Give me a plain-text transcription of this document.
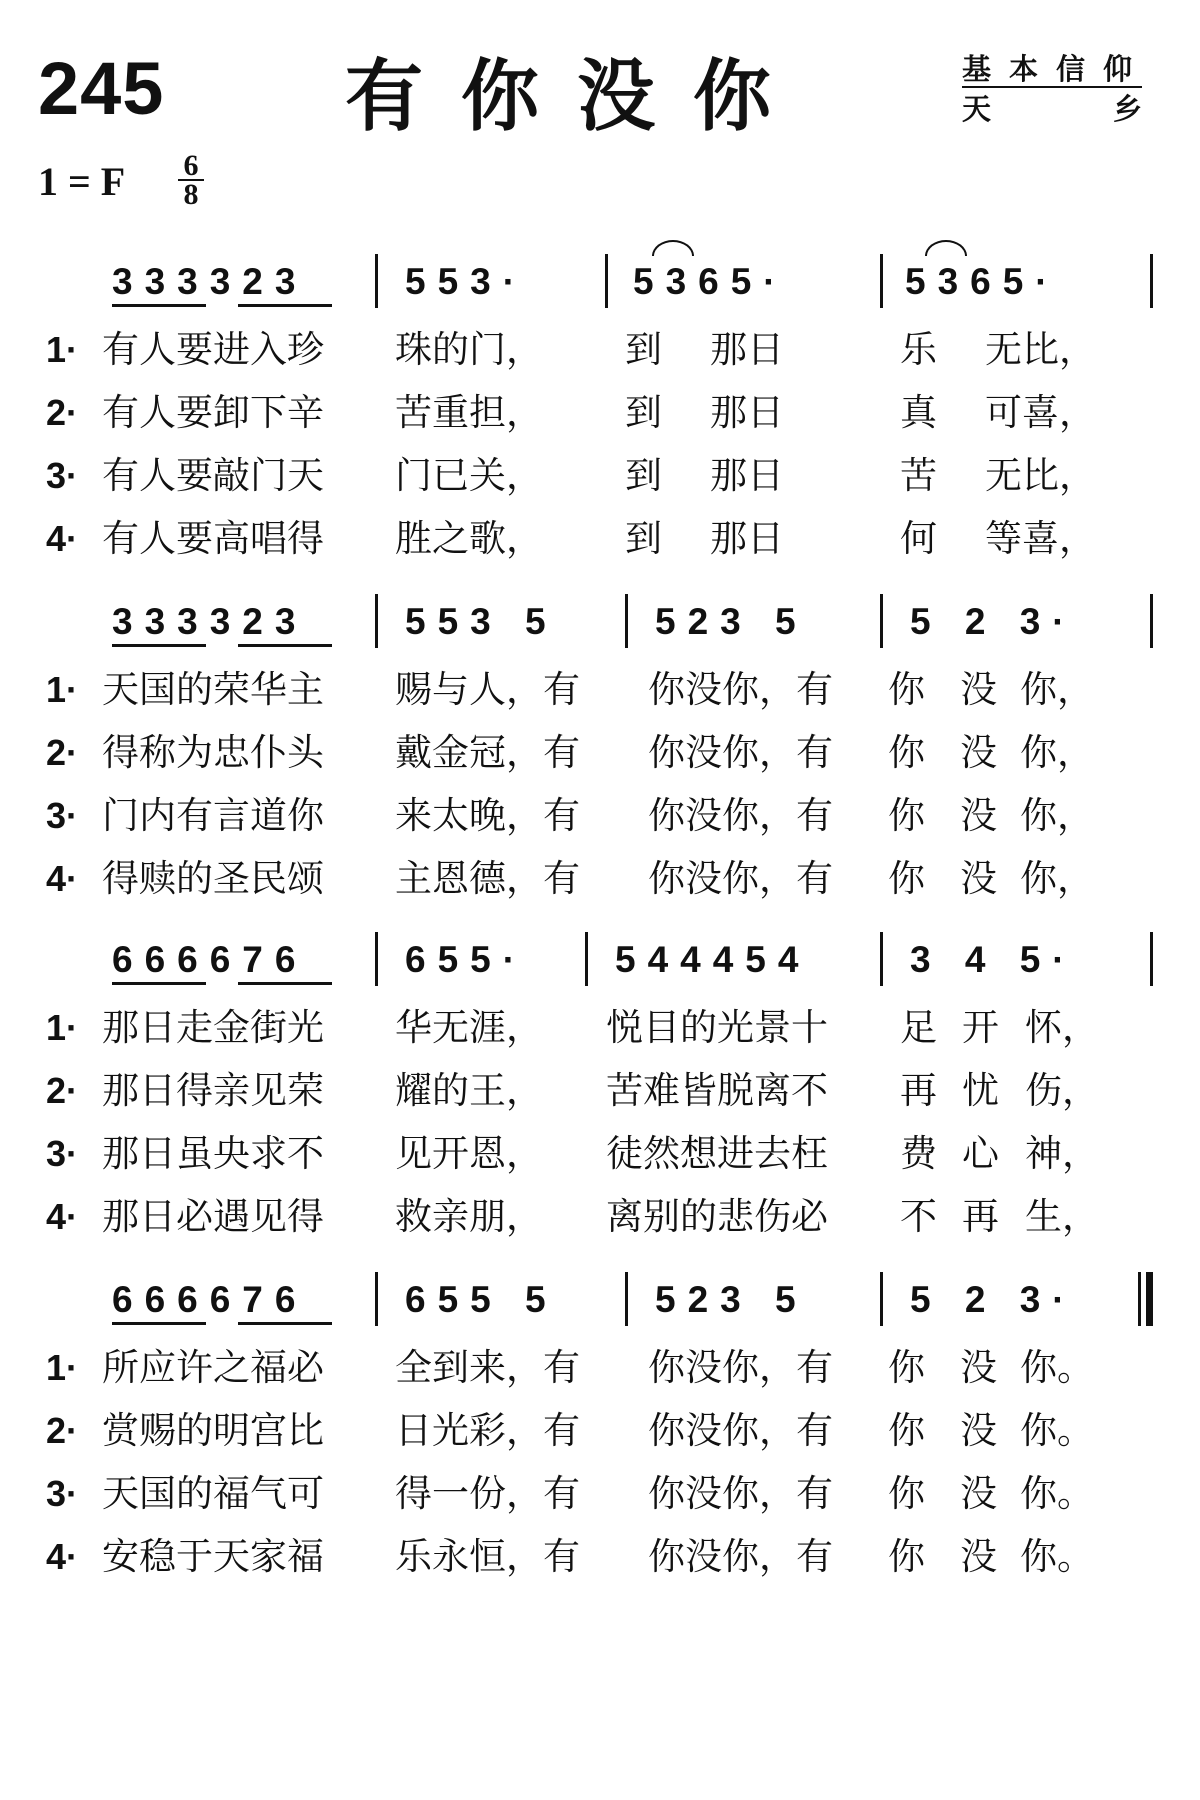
245 有你没你	基本信仰
天	乡
1 = F $\frac{6}{8}$
333323	553·	5365·	5365·
1· 有人要进入珍 珠的门， 到 那日	乐 无比，
2· 有人要卸下辛 苦重担， 到 那日	真 可喜，
3· 有人要敲门天 门已关， 到 那日	苦 无比，
4· 有人要高唱得 胜之歌， 到 那日	何 等喜，
333323	553 5	523 5	5 2 3·
1· 天国的荣华主 赐与人，有 你没你，有 你 没 你，
2· 得称为忠仆头 戴金冠，有 你没你，有 你 没 你，
3· 门内有言道你 来太晚，有 你没你，有 你 没 你，
4· 得赎的圣民颂 主恩德，有 你没你，有 你 没 你，
666676	655· 544454	3 4 5·
1· 那日走金街光 华无涯， 悦目的光景十 足 开 怀，
2· 那日得亲见荣 耀的王， 苦难皆脱离不 再 忧 伤，
3· 那日虽央求不 见开恩， 徒然想进去枉 费 心 神，
4· 那日必遇见得 救亲朋， 离别的悲伤必 不 再 生，
666676	655 5	523 5	5 2 3·
1· 所应许之福必 全到来，有 你没你，有 你 没 你。
2· 赏赐的明宫比 日光彩，有 你没你，有 你 没 你。
3· 天国的福气可 得一份，有 你没你，有 你 没 你。
4· 安稳于天家福 乐永恒，有 你没你，有 你 没 你。
